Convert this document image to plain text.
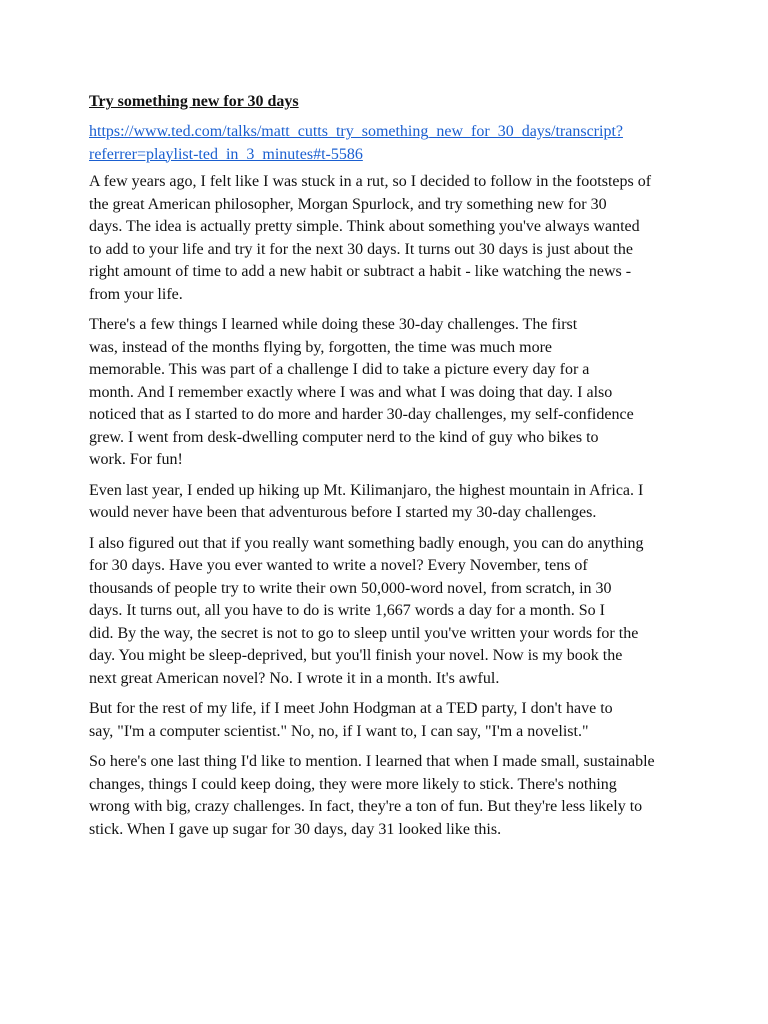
Try something new for 30 days
https://www.ted.com/talks/matt_cutts_try_something_new_for_30_days/transcript?
referrer=playlist-ted_in_3_minutes#t-5586
A few years ago, I felt like I was stuck in a rut, so I decided to follow in the footsteps of
the great American philosopher, Morgan Spurlock, and try something new for 30
days. The idea is actually pretty simple. Think about something you've always wanted
to add to your life and try it for the next 30 days. It turns out 30 days is just about the
right amount of time to add a new habit or subtract a habit - like watching the news -
from your life.
There's a few things I learned while doing these 30-day challenges. The first
was, instead of the months flying by, forgotten, the time was much more
memorable. This was part of a challenge I did to take a picture every day for a
month. And I remember exactly where I was and what I was doing that day. I also
noticed that as I started to do more and harder 30-day challenges, my self-confidence
grew. I went from desk-dwelling computer nerd to the kind of guy who bikes to
work. For fun!
Even last year, I ended up hiking up Mt. Kilimanjaro, the highest mountain in Africa. I
would never have been that adventurous before I started my 30-day challenges.
I also figured out that if you really want something badly enough, you can do anything
for 30 days. Have you ever wanted to write a novel? Every November, tens of
thousands of people try to write their own 50,000-word novel, from scratch, in 30
days. It turns out, all you have to do is write 1,667 words a day for a month. So I
did. By the way, the secret is not to go to sleep until you've written your words for the
day. You might be sleep-deprived, but you'll finish your novel. Now is my book the
next great American novel? No. I wrote it in a month. It's awful.
But for the rest of my life, if I meet John Hodgman at a TED party, I don't have to
say, "I'm a computer scientist." No, no, if I want to, I can say, "I'm a novelist."
So here's one last thing I'd like to mention. I learned that when I made small, sustainable
changes, things I could keep doing, they were more likely to stick. There's nothing
wrong with big, crazy challenges. In fact, they're a ton of fun. But they're less likely to
stick. When I gave up sugar for 30 days, day 31 looked like this.
